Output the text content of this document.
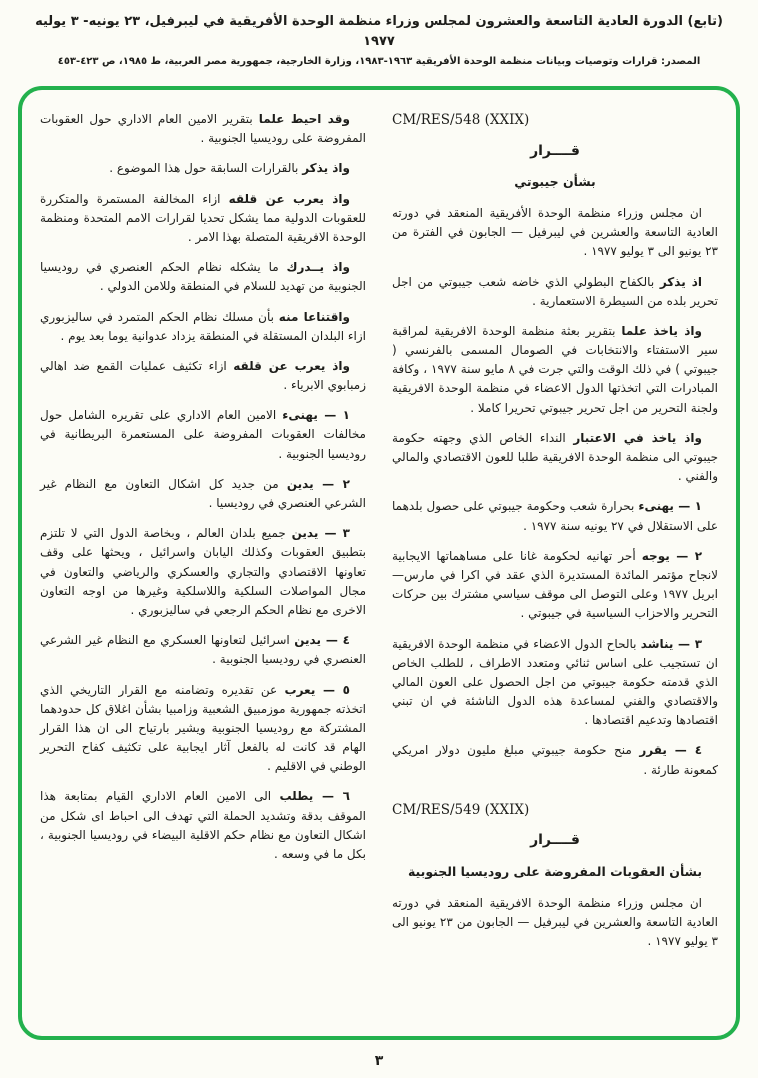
(تابع) الدورة العادية التاسعة والعشرون لمجلس وزراء منظمة الوحدة الأفريقية في ليبرفيل، ٢٣ يونيه- ٣ يوليه ١٩٧٧
المصدر: قرارات وتوصيات وبيانات منظمة الوحدة الأفريقية ١٩٦٣-١٩٨٣، وزارة الخارجية، جمهورية مصر العربية، ط ١٩٨٥، ص ٤٢٣-٤٥٣
CM/RES/548 (XXIX)
قــــرار
بشأن جيبوتي

ان مجلس وزراء منظمة الوحدة الأفريقية المنعقد في دورته العادية التاسعة والعشرين في ليبرفيل — الجابون في الفترة من ٢٣ يونيو الى ٣ يوليو ١٩٧٧ .

اذ يذكر بالكفاح البطولي الذي خاضه شعب جيبوتي من اجل تحرير بلده من السيطرة الاستعمارية .

واذ ياخذ علما بتقرير بعثة منظمة الوحدة الافريقية لمراقبة سير الاستفتاء والانتخابات في الصومال المسمى بالفرنسي ( جيبوتي ) في ذلك الوقت والتي جرت في ٨ مايو سنة ١٩٧٧ ، وكافة المبادرات التي اتخذتها الدول الاعضاء في منظمة الوحدة الافريقية ولجنة التحرير من اجل تحرير جيبوتي تحريرا كاملا .

واذ ياخذ في الاعتبار النداء الخاص الذي وجهته حكومة جيبوتي الى منظمة الوحدة الافريقية طلبا للعون الاقتصادي والمالي والفني .

١ — يهنىء بحرارة شعب وحكومة جيبوتي على حصول بلدهما على الاستقلال في ٢٧ يونيه سنة ١٩٧٧ .

٢ — يوجه أحر تهانيه لحكومة غانا على مساهماتها الايجابية لانجاح مؤتمر المائدة المستديرة الذي عقد في اكرا في مارس— ابريل ١٩٧٧ وعلى التوصل الى موقف سياسي مشترك بين حركات التحرير والاحزاب السياسية في جيبوتي .

٣ — يناشد بالحاح الدول الاعضاء في منظمة الوحدة الافريقية ان تستجيب على اساس ثنائي ومتعدد الاطراف ، للطلب الخاص الذي قدمته حكومة جيبوتي من اجل الحصول على العون المالي والاقتصادي والفني لمساعدة هذه الدول الناشئة في ان تبني اقتصادها وتدعيم اقتصادها .

٤ — يقرر منح حكومة جيبوتي مبلغ مليون دولار امريكي كمعونة طارئة .

CM/RES/549 (XXIX)
قــــرار
بشأن العقوبات المفروضة على روديسيا الجنوبية

ان مجلس وزراء منظمة الوحدة الافريقية المنعقد في دورته العادية التاسعة والعشرين في ليبرفيل — الجابون من ٢٣ يونيو الى ٣ يوليو ١٩٧٧ .

وقد احيط علما بتقرير الامين العام الاداري حول العقوبات المفروضة على روديسيا الجنوبية .

واذ يذكر بالقرارات السابقة حول هذا الموضوع .

واذ يعرب عن قلقه ازاء المخالفة المستمرة والمتكررة للعقوبات الدولية مما يشكل تحديا لقرارات الامم المتحدة ومنظمة الوحدة الافريقية المتصلة بهذا الامر .

واذ يــدرك ما يشكله نظام الحكم العنصري في روديسيا الجنوبية من تهديد للسلام في المنطقة وللامن الدولي .

واقتناعا منه بأن مسلك نظام الحكم المتمرد في ساليزبوري ازاء البلدان المستقلة في المنطقة يزداد عدوانية يوما بعد يوم .

واذ يعرب عن قلقه ازاء تكثيف عمليات القمع ضد اهالي زمبابوي الابرياء .

١ — يهنىء الامين العام الاداري على تقريره الشامل حول مخالفات العقوبات المفروضة على المستعمرة البريطانية في روديسيا الجنوبية .

٢ — يدين من جديد كل اشكال التعاون مع النظام غير الشرعي العنصري في روديسيا .

٣ — يدين جميع بلدان العالم ، وبخاصة الدول التي لا تلتزم بتطبيق العقوبات وكذلك اليابان واسرائيل ، ويحثها على وقف تعاونها الاقتصادي والتجاري والعسكري والرياضي والتعاون في مجال المواصلات السلكية واللاسلكية وغيرها من اوجه التعاون الاخرى مع نظام الحكم الرجعي في ساليزبوري .

٤ — يدين اسرائيل لتعاونها العسكري مع النظام غير الشرعي العنصري في روديسيا الجنوبية .

٥ — يعرب عن تقديره وتضامنه مع القرار التاريخي الذي اتخذته جمهورية موزمبيق الشعبية وزامبيا بشأن اغلاق كل حدودهما المشتركة مع روديسيا الجنوبية ويشير بارتياح الى ان هذا القرار الهام قد كانت له بالفعل آثار ايجابية على تكثيف كفاح التحرير الوطني في الاقليم .

٦ — يطلب الى الامين العام الاداري القيام بمتابعة هذا الموقف بدقة وتشديد الحملة التي تهدف الى احباط اى شكل من اشكال التعاون مع نظام حكم الاقلية البيضاء في روديسيا الجنوبية ، بكل ما في وسعه .

٣
